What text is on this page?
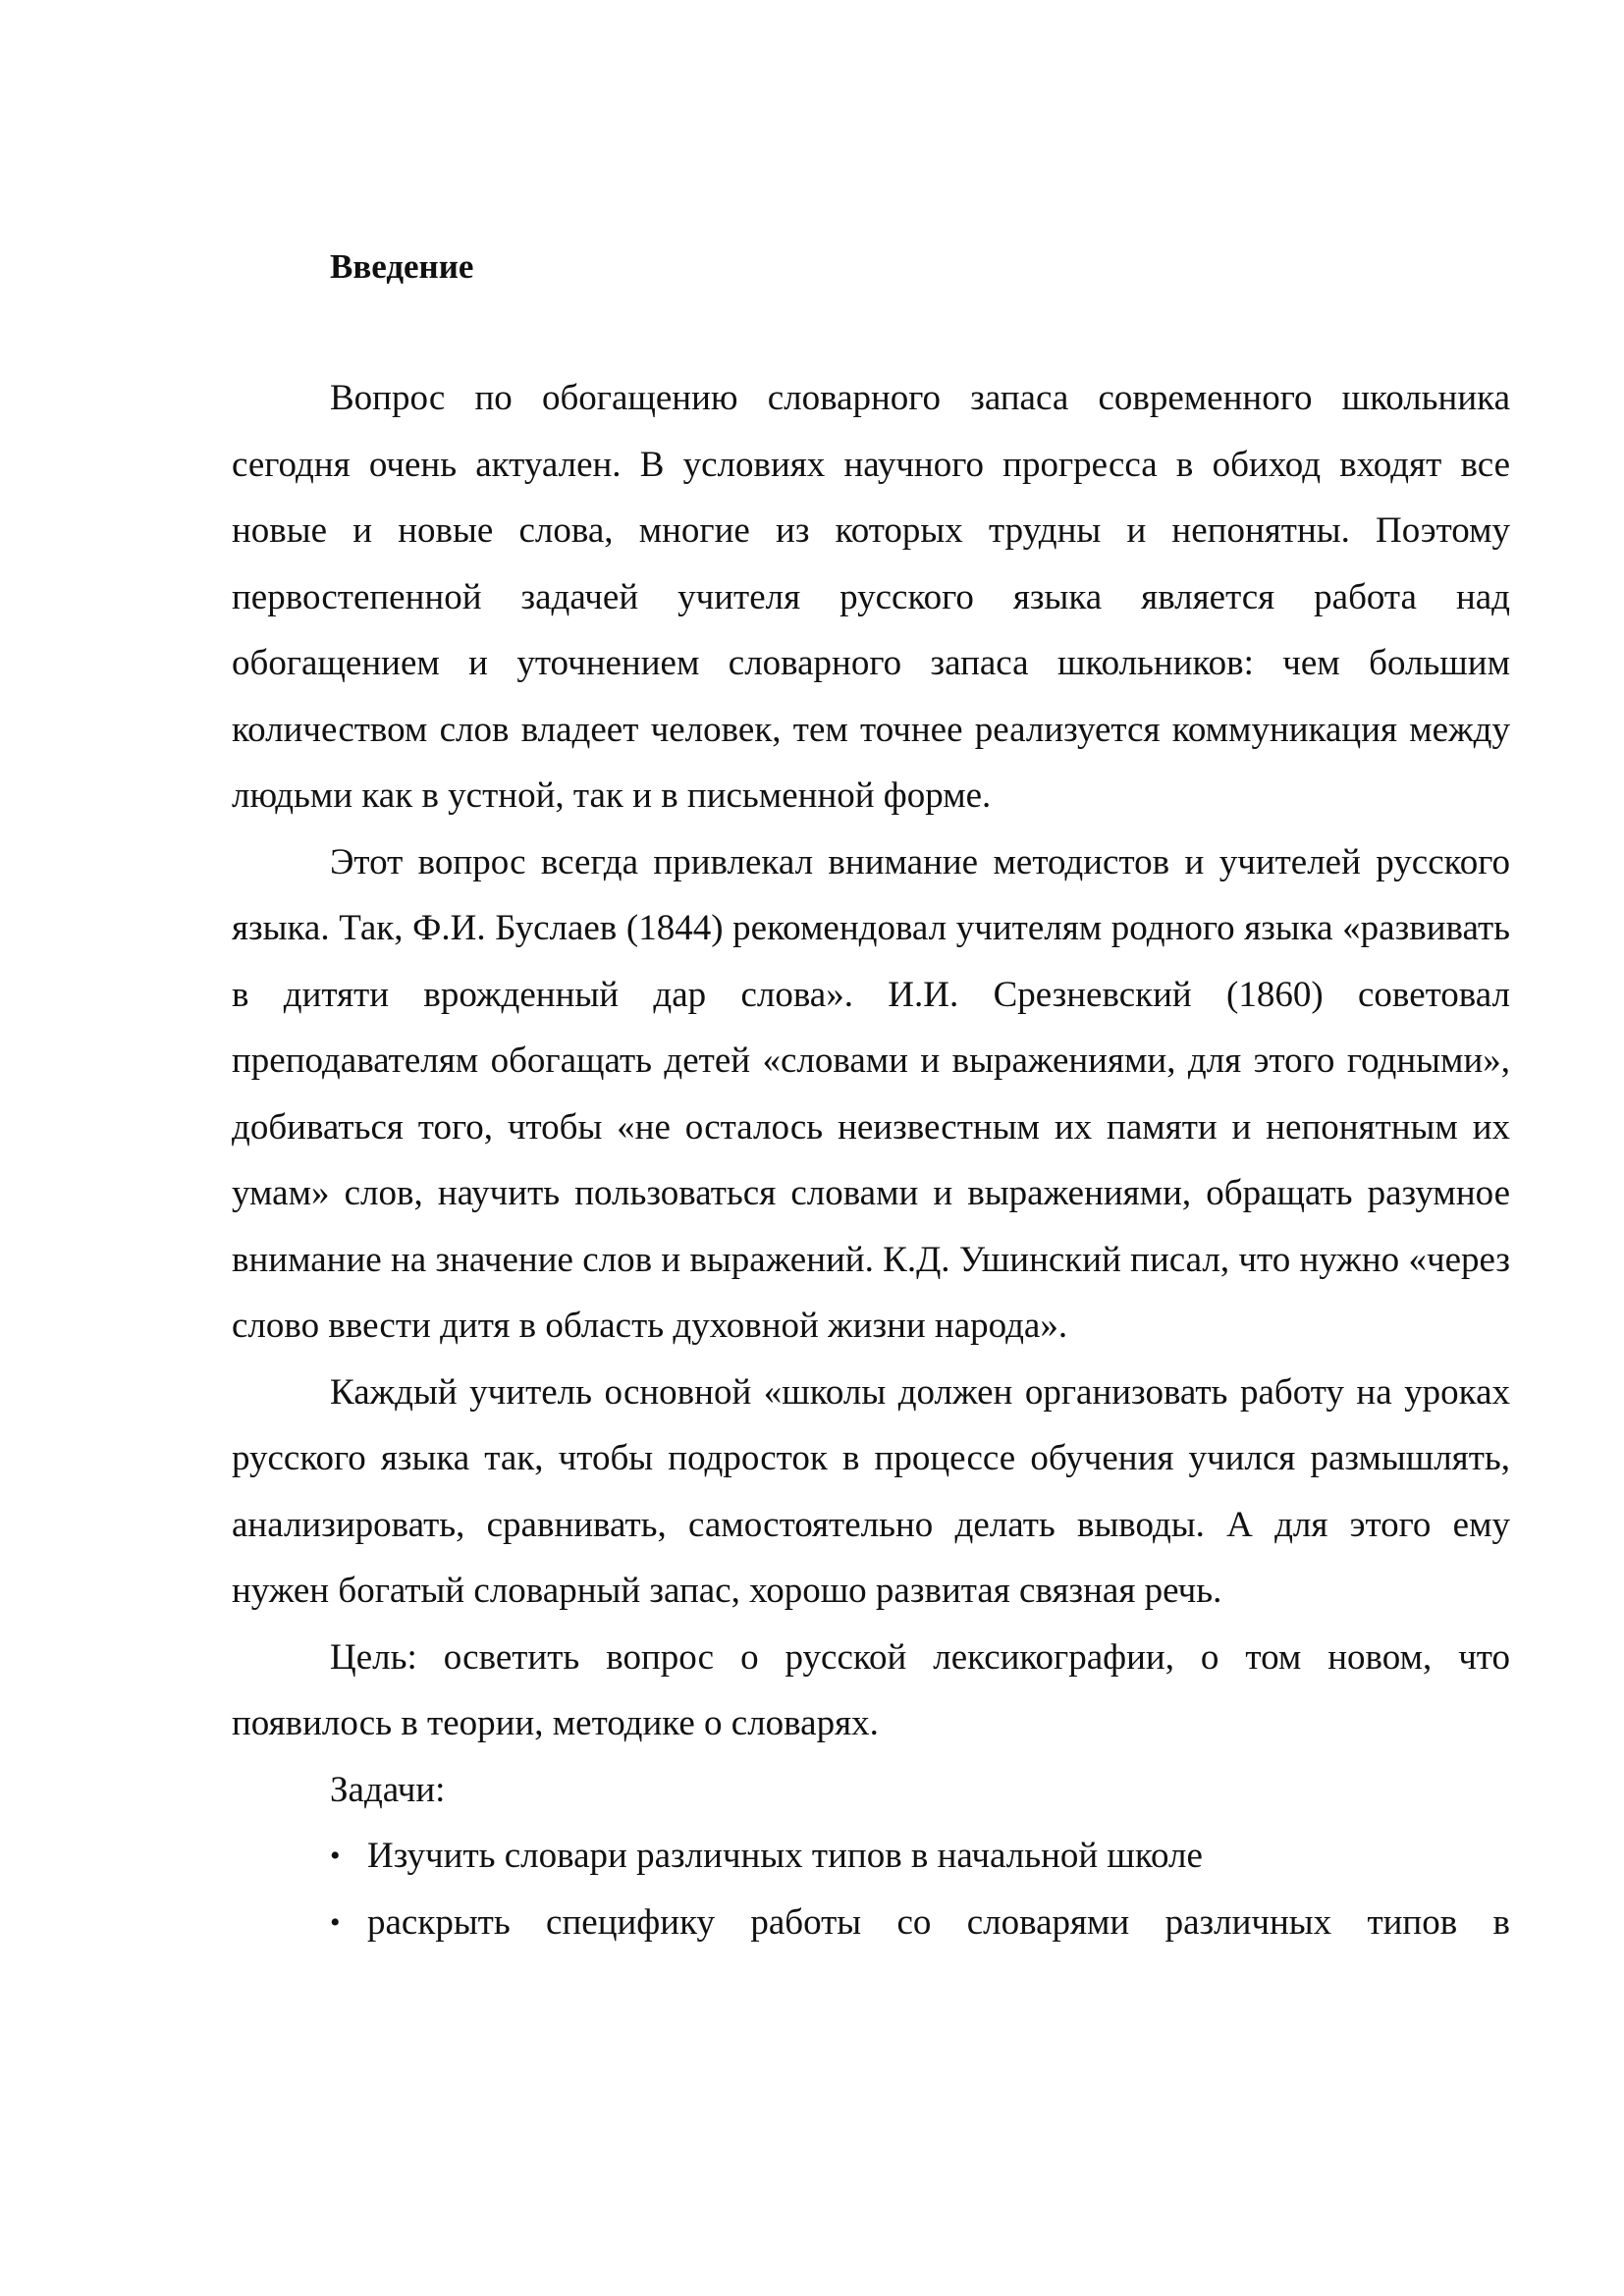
Введение

Вопрос по обогащению словарного запаса современного школьника сегодня очень актуален. В условиях научного прогресса в обиход входят все новые и новые слова, многие из которых трудны и непонятны. Поэтому первостепенной задачей учителя русского языка является работа над обогащением и уточнением словарного запаса школьников: чем большим количеством слов владеет человек, тем точнее реализуется коммуникация между людьми как в устной, так и в письменной форме.

Этот вопрос всегда привлекал внимание методистов и учителей русского языка. Так, Ф.И. Буслаев (1844) рекомендовал учителям родного языка «развивать в дитяти врожденный дар слова». И.И. Срезневский (1860) советовал преподавателям обогащать детей «словами и выражениями, для этого годными», добиваться того, чтобы «не осталось неизвестным их памяти и непонятным их умам» слов, научить пользоваться словами и выражениями, обращать разумное внимание на значение слов и выражений. К.Д. Ушинский писал, что нужно «через слово ввести дитя в область духовной жизни народа».

Каждый учитель основной «школы должен организовать работу на уроках русского языка так, чтобы подросток в процессе обучения учился размышлять, анализировать, сравнивать, самостоятельно делать выводы. А для этого ему нужен богатый словарный запас, хорошо развитая связная речь.

Цель: осветить вопрос о русской лексикографии, о том новом, что появилось в теории, методике о словарях.

Задачи:

• Изучить словари различных типов в начальной школе
• раскрыть специфику работы со словарями различных типов в
